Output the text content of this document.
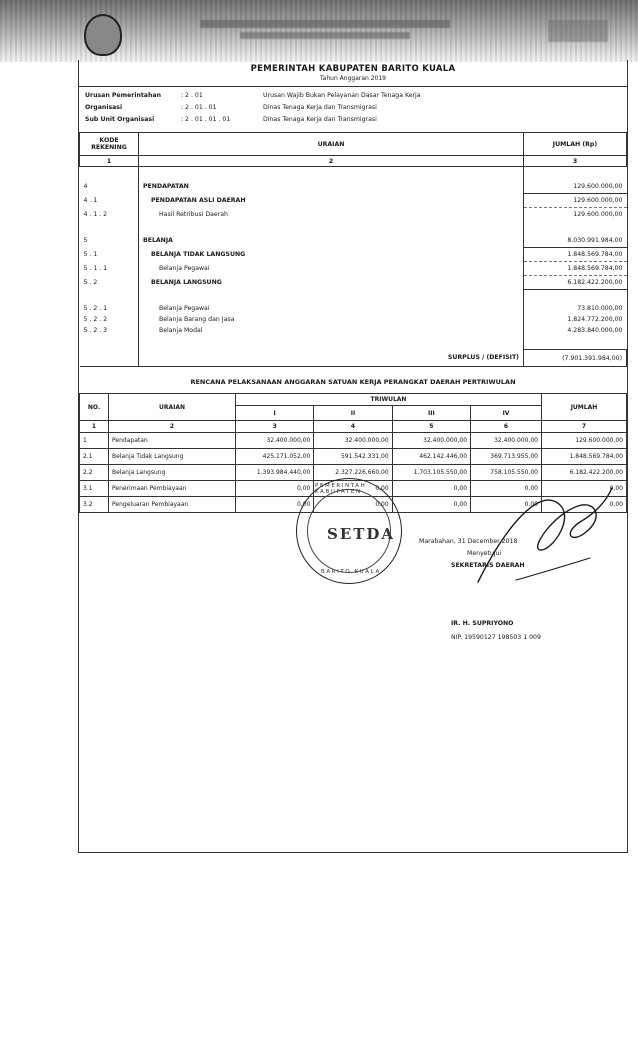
PEMERINTAH KABUPATEN BARITO KUALA
Tahun Anggaran 2019
Urusan Pemerintahan	: 2 . 01	Urusan Wajib Bukan Pelayanan Dasar Tenaga Kerja
Organisasi	: 2 . 01 . 01	Dinas Tenaga Kerja dan Transmigrasi
Sub Unit Organisasi	: 2 . 01 . 01 . 01	Dinas Tenaga Kerja dan Transmigrasi
KODE REKENING	URAIAN	JUMLAH (Rp)
1	2	3

4	PENDAPATAN	129.600.000,00
4 . 1	PENDAPATAN ASLI DAERAH	129.600.000,00
4 . 1 . 2	Hasil Retribusi Daerah	129.600.000,00

5	BELANJA	8.030.991.984,00
5 . 1	BELANJA TIDAK LANGSUNG	1.848.569.784,00
5 . 1 . 1	Belanja Pegawai	1.848.569.784,00
5 . 2	BELANJA LANGSUNG	6.182.422.200,00

5 . 2 . 1	Belanja Pegawai	73.810.000,00
5 . 2 . 2	Belanja Barang dan Jasa	1.824.772.200,00
5 . 2 . 3	Belanja Modal	4.283.840.000,00

	SURPLUS / (DEFISIT)	(7.901.391.984,00)
RENCANA PELAKSANAAN ANGGARAN SATUAN KERJA PERANGKAT DAERAH PERTRIWULAN
NO.	URAIAN	TRIWULAN				JUMLAH
		I	II	III	IV	
1	2	3	4	5	6	7
1	Pendapatan	32.400.000,00	32.400.000,00	32.400.000,00	32.400.000,00	129.600.000,00
2.1	Belanja Tidak Langsung	425.171.052,00	591.542.331,00	462.142.446,00	369.713.955,00	1.848.569.784,00
2.2	Belanja Langsung	1.393.984.440,00	2.327.226.660,00	1.703.105.550,00	758.105.550,00	6.182.422.200,00
3.1	Penerimaan Pembiayaan	0,00	0,00	0,00	0,00	0,00
3.2	Pengeluaran Pembiayaan	0,00	0,00	0,00	0,00	0,00
Marabahan, 31 December 2018
Menyetujui
SEKRETARIS DAERAH
IR. H. SUPRIYONO
NIP. 19590127 198503 1 009
SETDA
PEMERINTAH KABUPATEN
BARITO KUALA
